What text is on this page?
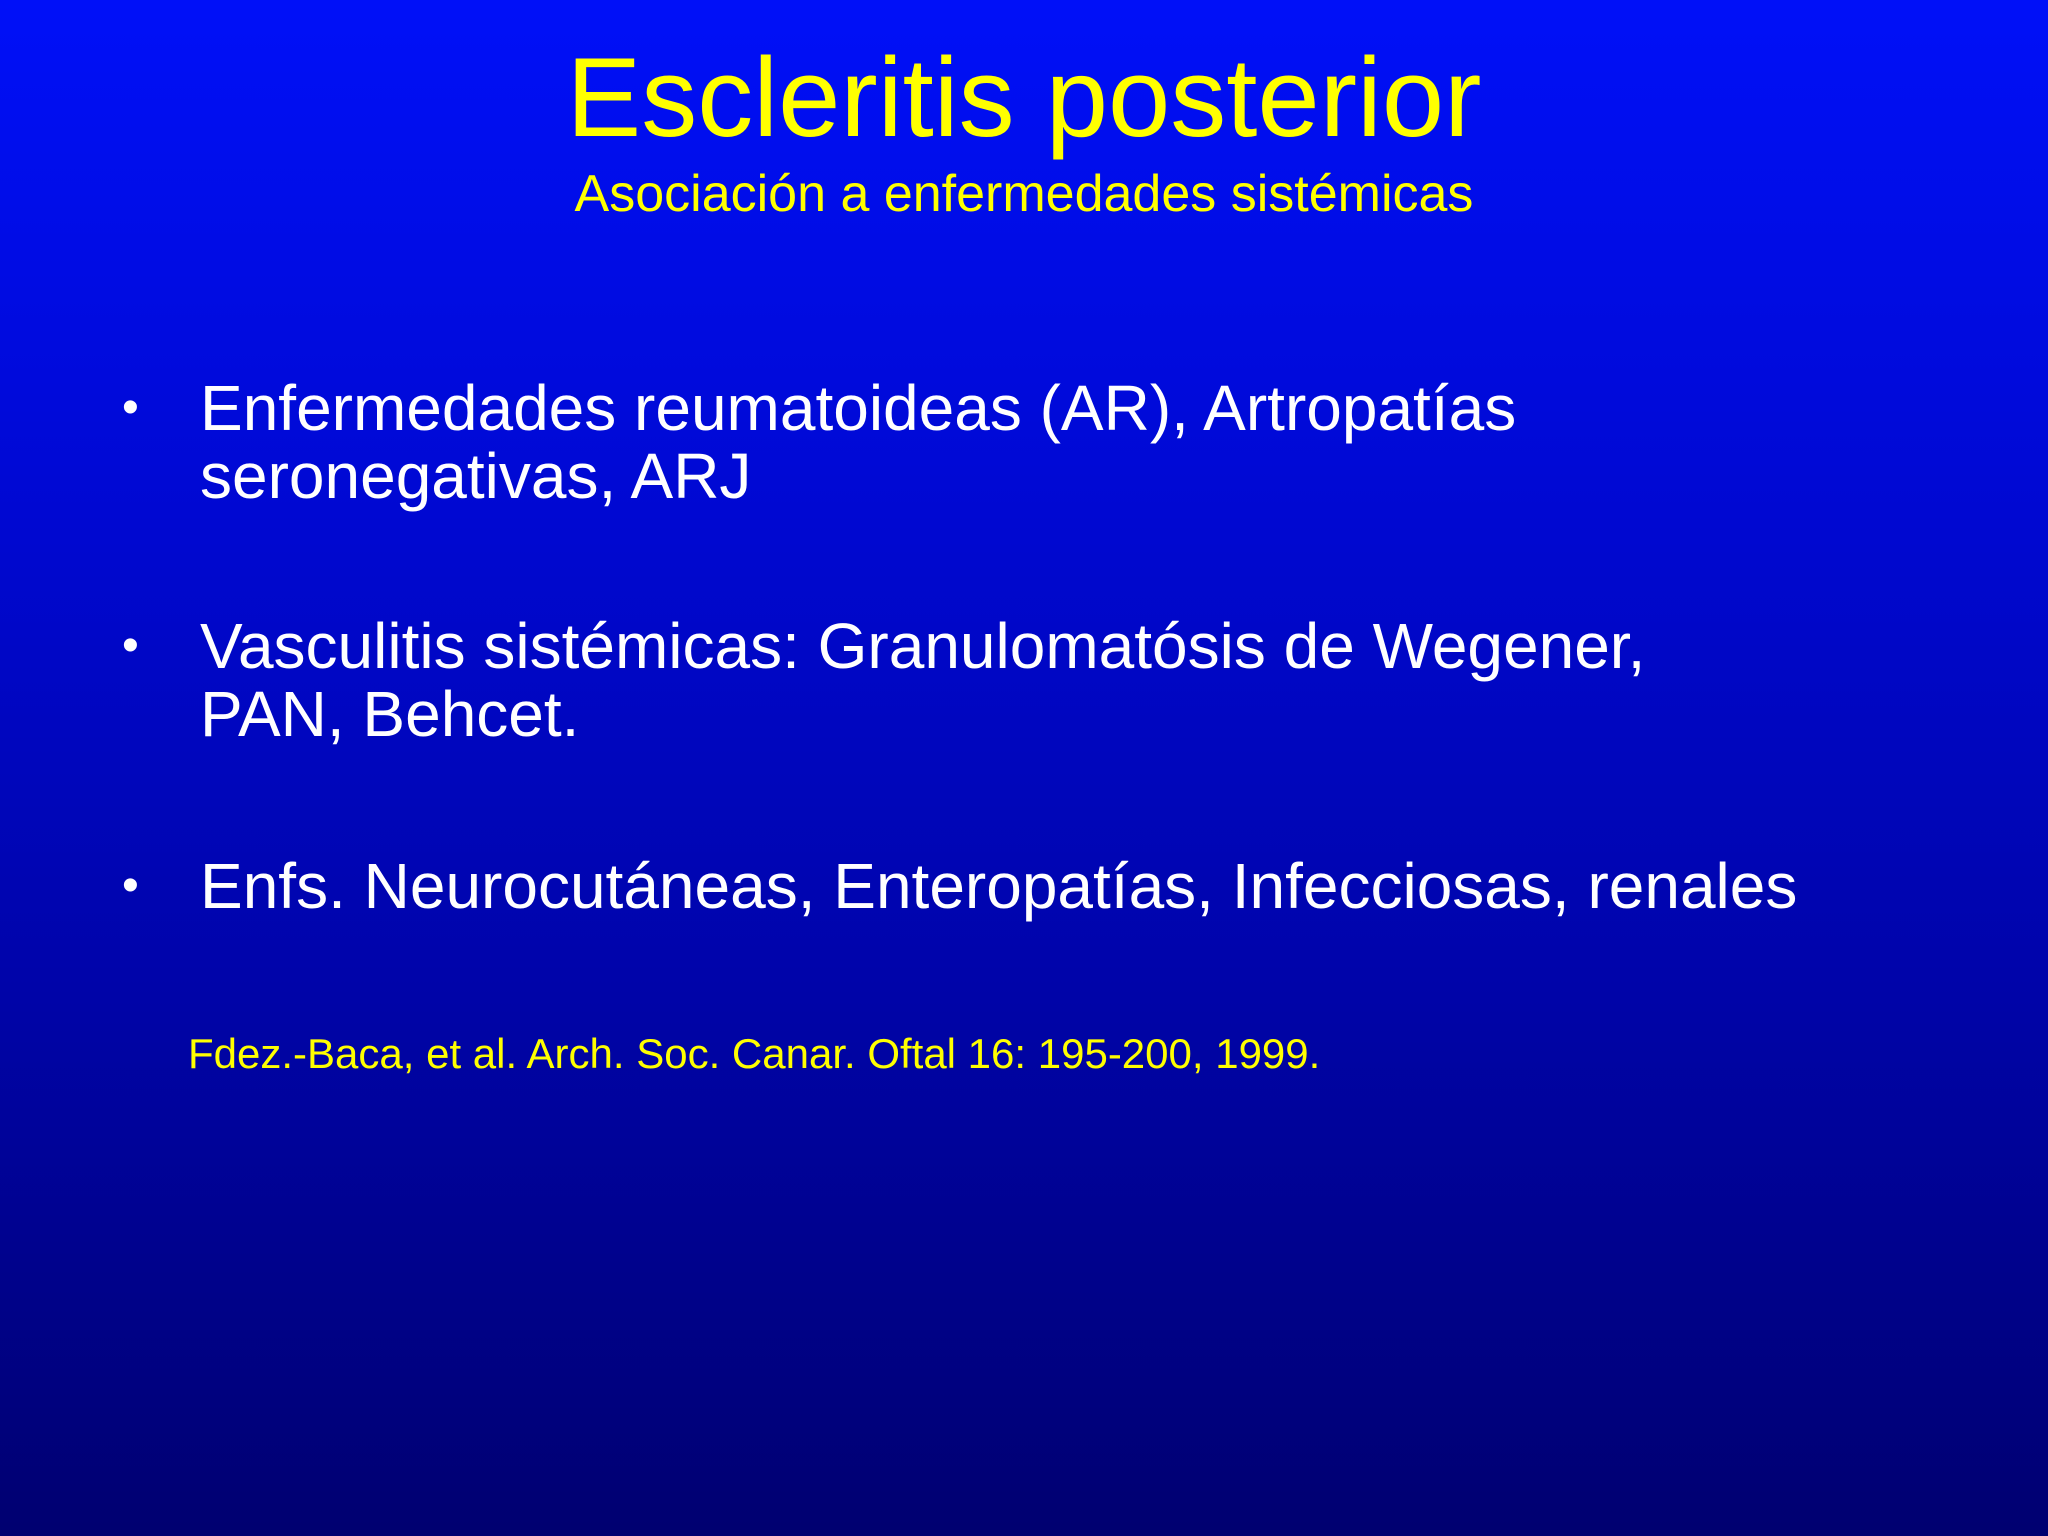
Escleritis posterior
Asociación a enfermedades sistémicas
• Enfermedades reumatoideas (AR), Artropatías
seronegativas, ARJ
• Vasculitis sistémicas: Granulomatósis de Wegener,
PAN, Behcet.
• Enfs. Neurocutáneas, Enteropatías, Infecciosas, renales
Fdez.-Baca, et al. Arch. Soc. Canar. Oftal 16: 195-200, 1999.
